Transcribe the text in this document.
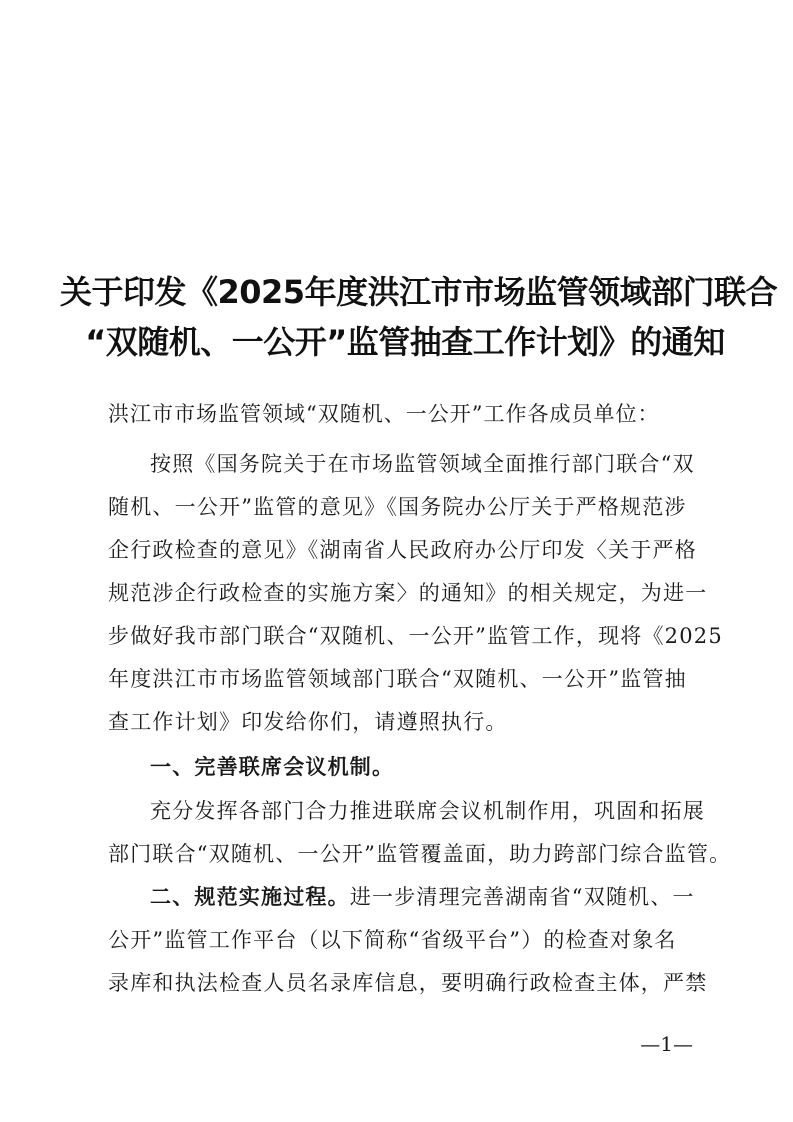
关于印发《2025年度洪江市市场监管领域部门联合
“双随机、一公开”监管抽查工作计划》的通知
洪江市市场监管领域“双随机、一公开”工作各成员单位：
按照《国务院关于在市场监管领域全面推行部门联合“双
随机、一公开”监管的意见》《国务院办公厅关于严格规范涉
企行政检查的意见》《湖南省人民政府办公厅印发〈关于严格
规范涉企行政检查的实施方案〉的通知》的相关规定，为进一
步做好我市部门联合“双随机、一公开”监管工作，现将《2025
年度洪江市市场监管领域部门联合“双随机、一公开”监管抽
查工作计划》印发给你们，请遵照执行。
一、完善联席会议机制。
充分发挥各部门合力推进联席会议机制作用，巩固和拓展
部门联合“双随机、一公开”监管覆盖面，助力跨部门综合监管。
二、规范实施过程。进一步清理完善湖南省“双随机、一
公开”监管工作平台（以下简称“省级平台”）的检查对象名
录库和执法检查人员名录库信息，要明确行政检查主体，严禁
—1—
